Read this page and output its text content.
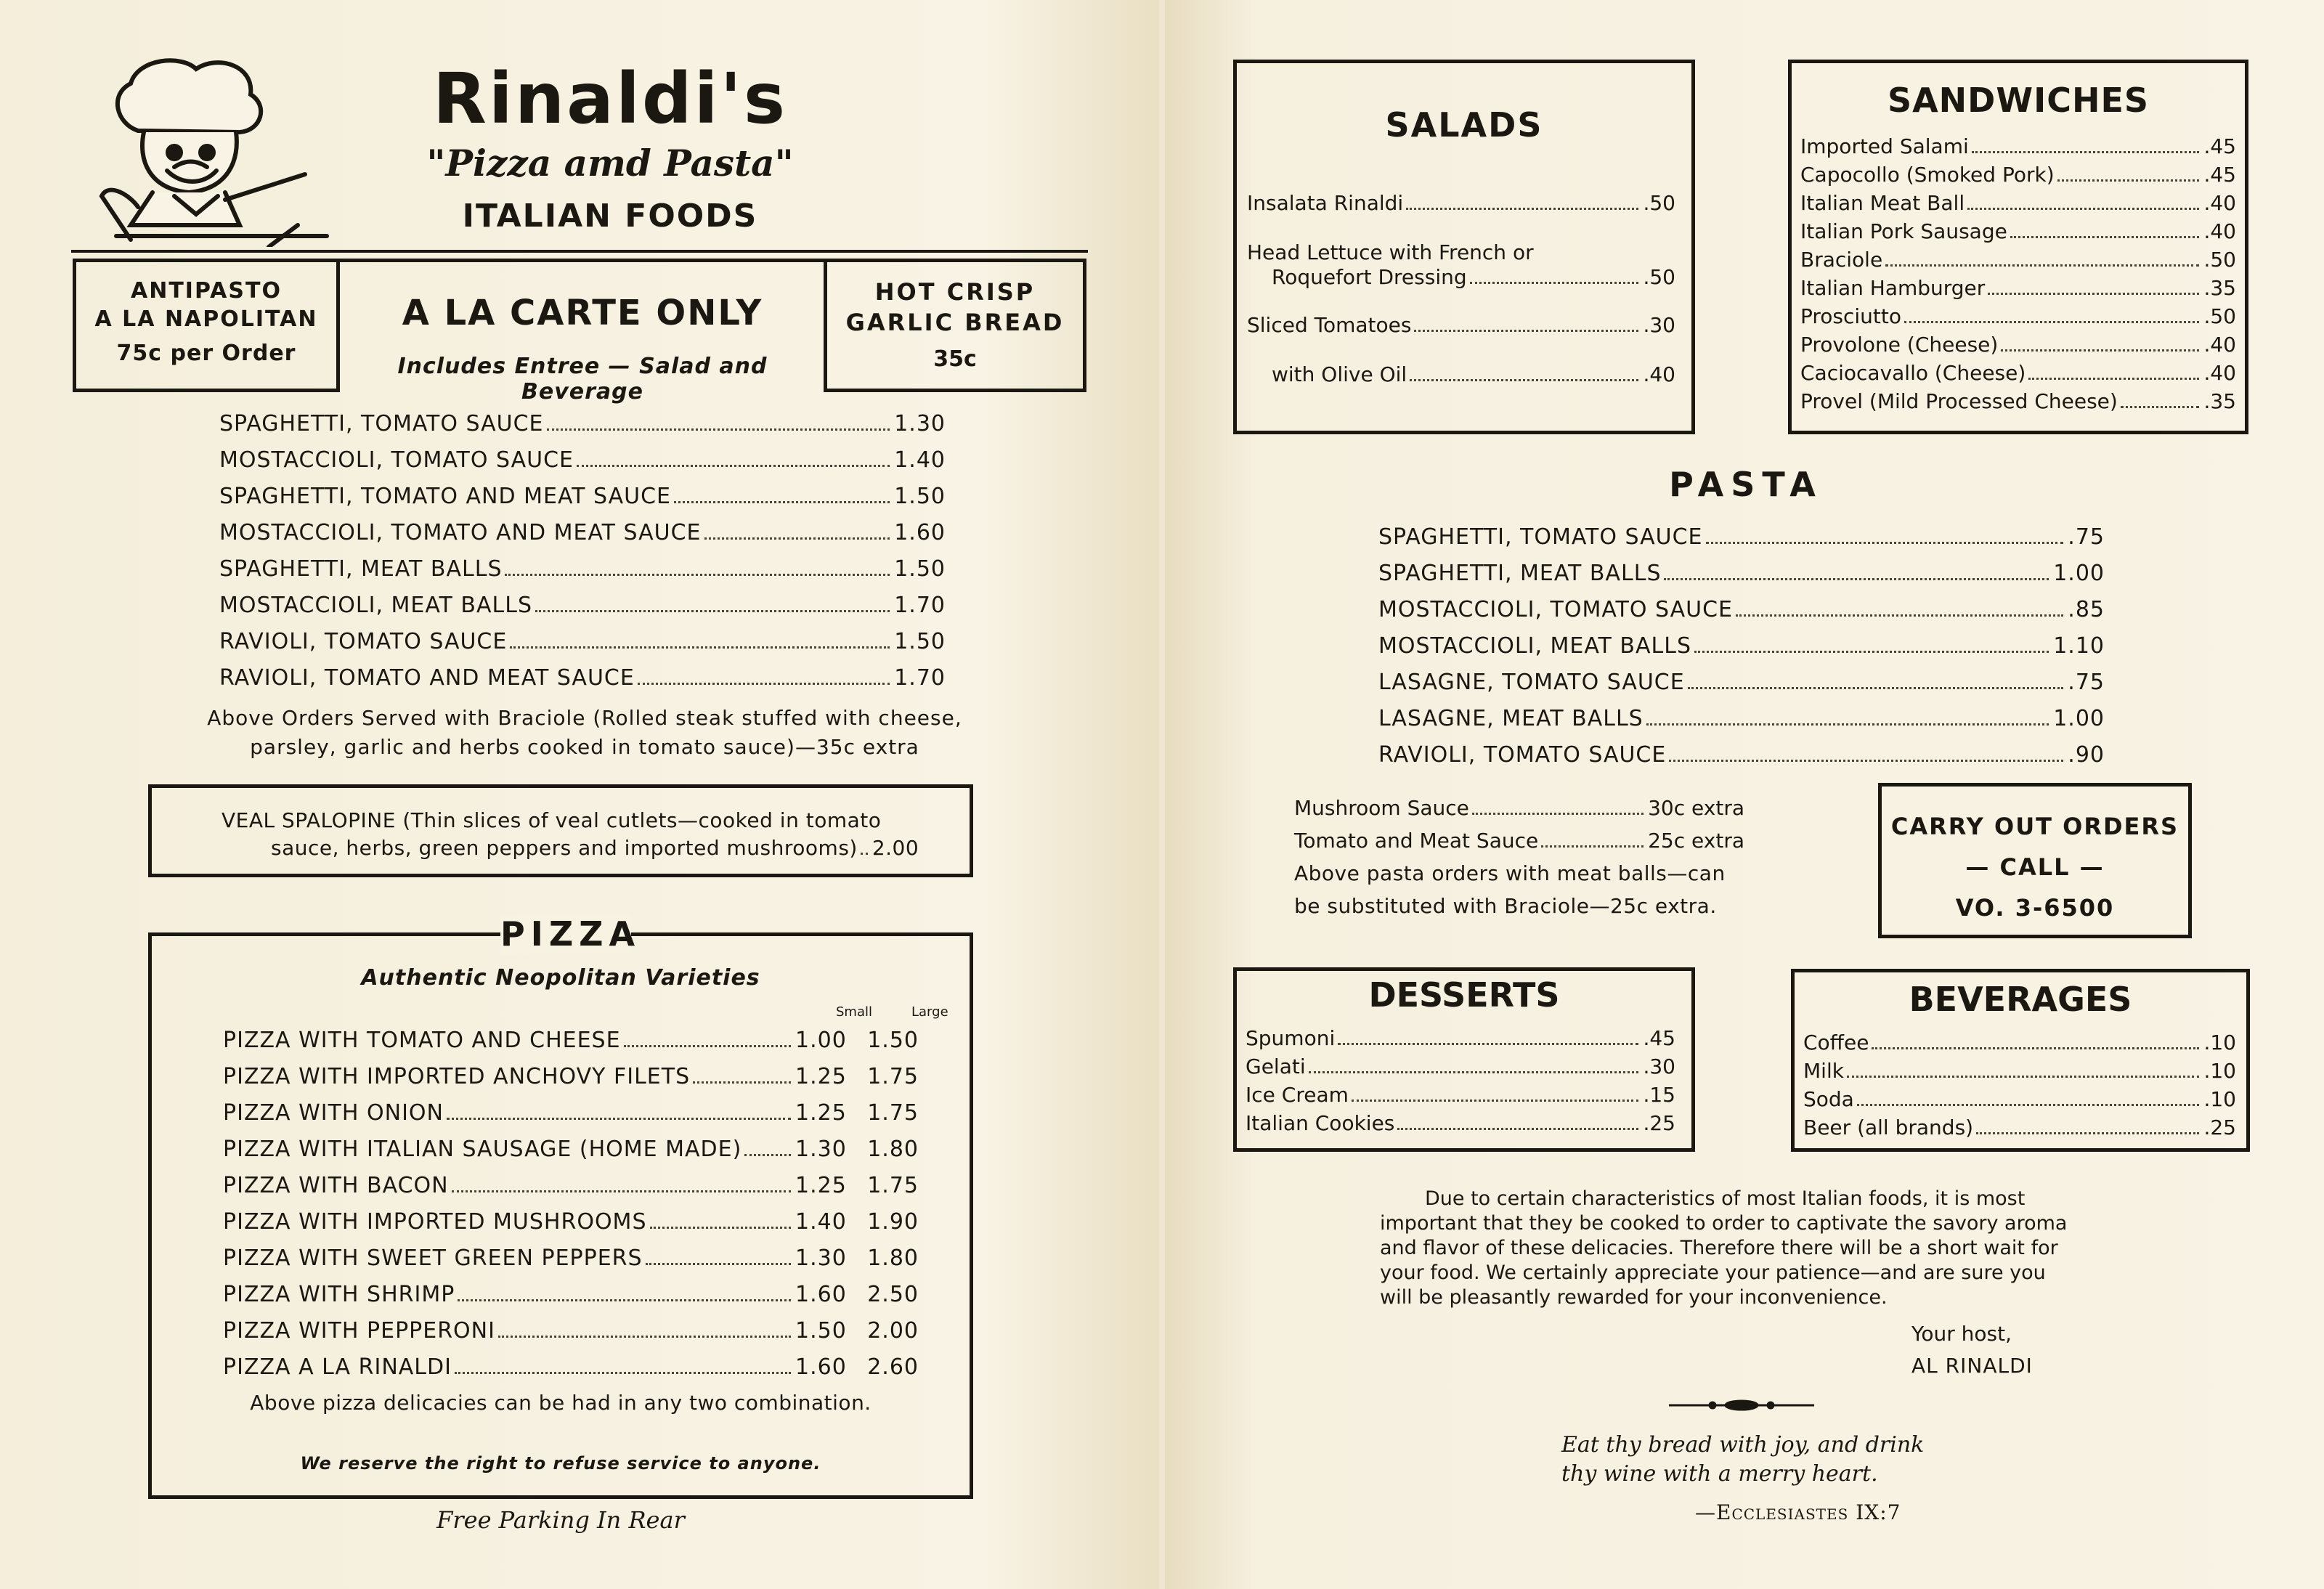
Rinaldi's
"Pizza amd Pasta"
ITALIAN FOODS
ANTIPASTO
A LA NAPOLITAN
75c per Order
A LA CARTE ONLY
Includes Entree — Salad and Beverage
HOT CRISP
GARLIC BREAD
35c
SPAGHETTI, TOMATO SAUCE	1.30
MOSTACCIOLI, TOMATO SAUCE	1.40
SPAGHETTI, TOMATO AND MEAT SAUCE	1.50
MOSTACCIOLI, TOMATO AND MEAT SAUCE	1.60
SPAGHETTI, MEAT BALLS	1.50
MOSTACCIOLI, MEAT BALLS	1.70
RAVIOLI, TOMATO SAUCE	1.50
RAVIOLI, TOMATO AND MEAT SAUCE	1.70
Above Orders Served with Braciole (Rolled steak stuffed with cheese,
parsley, garlic and herbs cooked in tomato sauce)—35c extra
VEAL SPALOPINE (Thin slices of veal cutlets—cooked in tomato
sauce, herbs, green peppers and imported mushrooms) 2.00
PIZZA
Authentic Neopolitan Varieties
Small	Large
PIZZA WITH TOMATO AND CHEESE	1.00 1.50
PIZZA WITH IMPORTED ANCHOVY FILETS	1.25 1.75
PIZZA WITH ONION	1.25 1.75
PIZZA WITH ITALIAN SAUSAGE (HOME MADE) 1.30 1.80
PIZZA WITH BACON	1.25 1.75
PIZZA WITH IMPORTED MUSHROOMS	1.40 1.90
PIZZA WITH SWEET GREEN PEPPERS	1.30 1.80
PIZZA WITH SHRIMP	1.60 2.50
PIZZA WITH PEPPERONI	1.50 2.00
PIZZA A LA RINALDI	1.60 2.60
Above pizza delicacies can be had in any two combination.
We reserve the right to refuse service to anyone.
Free Parking In Rear
SALADS
Insalata Rinaldi	.50
Head Lettuce with French or
Roquefort Dressing	.50
Sliced Tomatoes	.30
with Olive Oil	.40
SANDWICHES
Imported Salami	.45
Capocollo (Smoked Pork)	.45
Italian Meat Ball	.40
Italian Pork Sausage	.40
Braciole	.50
Italian Hamburger	.35
Prosciutto	.50
Provolone (Cheese)	.40
Caciocavallo (Cheese)	.40
Provel (Mild Processed Cheese)	.35
PASTA
SPAGHETTI, TOMATO SAUCE	.75
SPAGHETTI, MEAT BALLS	1.00
MOSTACCIOLI, TOMATO SAUCE	.85
MOSTACCIOLI, MEAT BALLS	1.10
LASAGNE, TOMATO SAUCE	.75
LASAGNE, MEAT BALLS	1.00
RAVIOLI, TOMATO SAUCE	.90
Mushroom Sauce	30c extra
Tomato and Meat Sauce	25c extra
Above pasta orders with meat balls—can
be substituted with Braciole—25c extra.
CARRY OUT ORDERS
— CALL —
VO. 3-6500
DESSERTS
Spumoni	.45
Gelati	.30
Ice Cream	.15
Italian Cookies	.25
BEVERAGES
Coffee	.10
Milk	.10
Soda	.10
Beer (all brands)	.25
Due to certain characteristics of most Italian foods, it is most
important that they be cooked to order to captivate the savory aroma
and flavor of these delicacies. Therefore there will be a short wait for
your food. We certainly appreciate your patience—and are sure you
will be pleasantly rewarded for your inconvenience.
Your host,
AL RINALDI
Eat thy bread with joy, and drink
thy wine with a merry heart.
—Ecclesiastes IX:7
